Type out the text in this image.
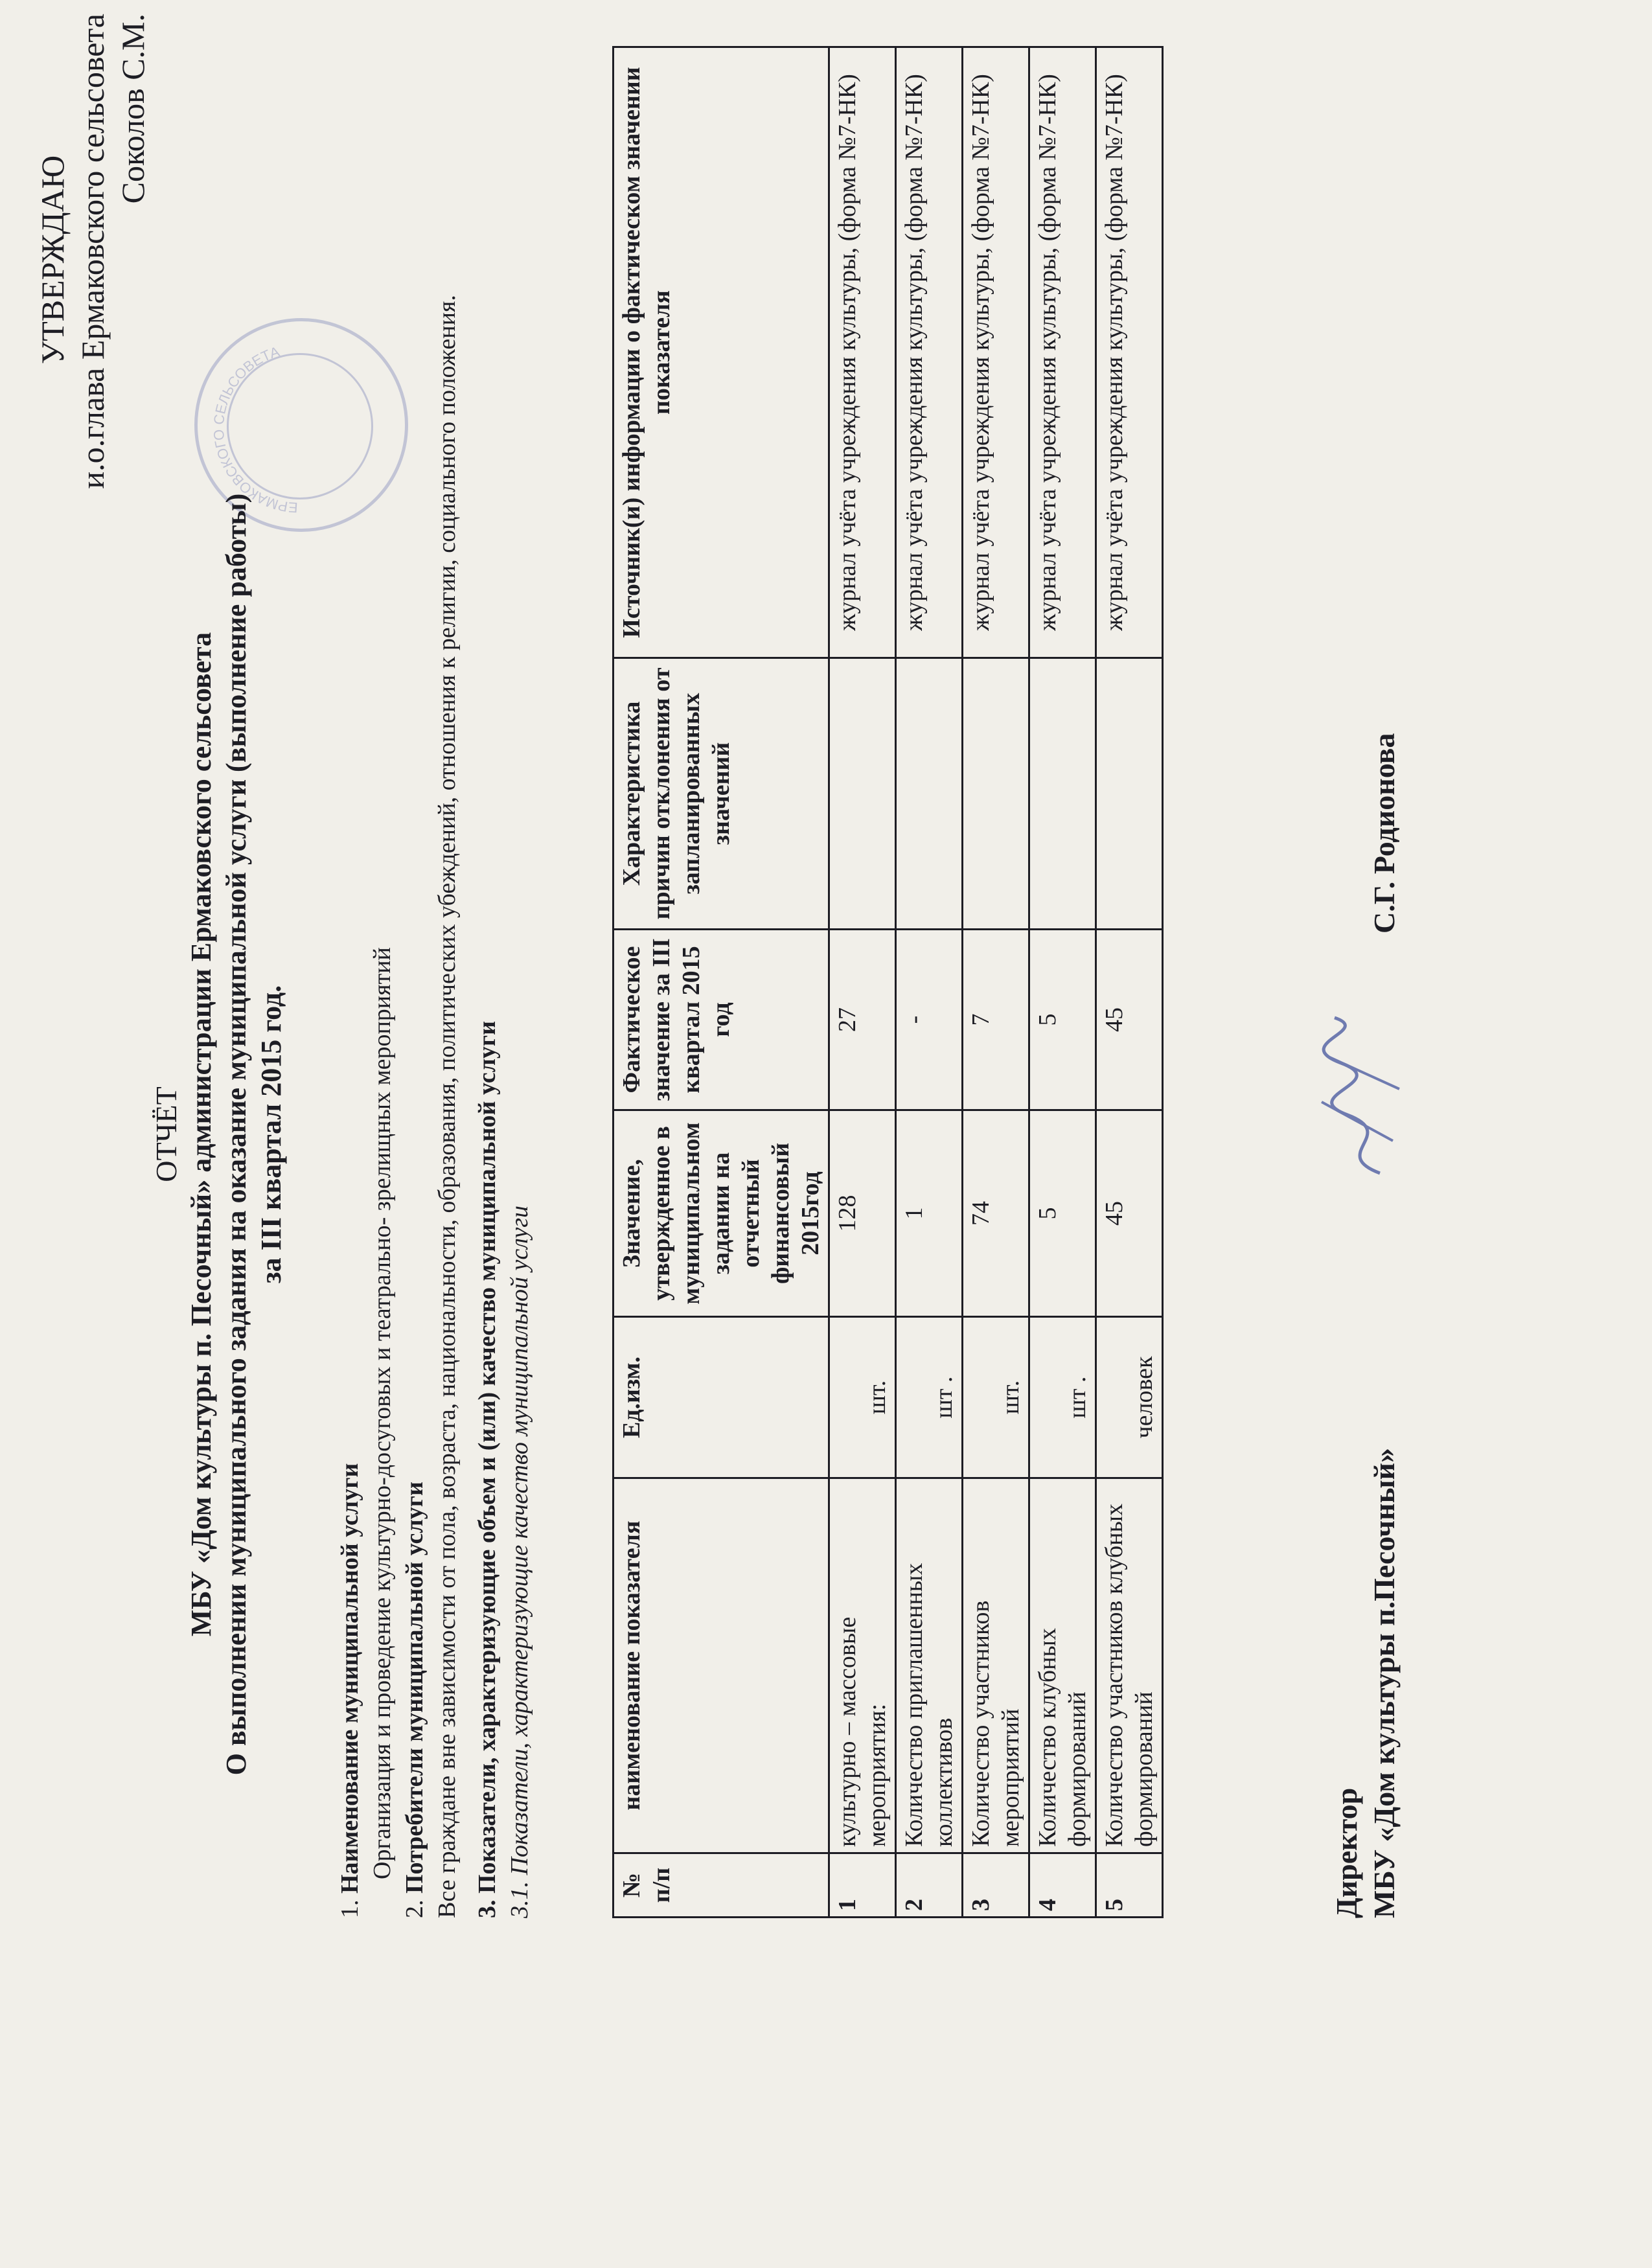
УТВЕРЖДАЮ и.о.глава Ермаковского сельсовета Соколов С.М.
ЕРМАКОВСКОГО СЕЛЬСОВЕТА
ОТЧЁТ МБУ «Дом культуры п. Песочный» администрации Ермаковского сельсовета О выполнении муниципального задания на оказание муниципальной услуги (выполнение работы) за III квартал 2015 год.
1. Наименование муниципальной услуги Организация и проведение культурно-досуговых и театрально- зрелищных мероприятий
2. Потребители муниципальной услуги Все граждане вне зависимости от пола, возраста, национальности, образования, политических убеждений, отношения к религии, социального положения. 3. Показатели, характеризующие объем и (или) качество муниципальной услуги 3.1. Показатели, характеризующие качество муниципальной услуги	№ п/п	наименование показателя	Ед.изм.	Значение, утвержденное в муниципальном задании на отчетный финансовый 2015год	Фактическое значение за III квартал 2015 год	Характеристика причин отклонения от запланированных значений	Источник(и) информации о фактическом значении показателя
1	культурно – массовые мероприятия:	шт.	128	27		журнал учёта учреждения культуры, (форма №7-НК)
2	Количество приглашенных коллективов	шт .	1	-		журнал учёта учреждения культуры, (форма №7-НК)
3	Количество участников мероприятий	шт.	74	7		журнал учёта учреждения культуры, (форма №7-НК)
4	Количество клубных формирований	шт .	5	5		журнал учёта учреждения культуры, (форма №7-НК)
5	Количество участников клубных формирований	человек	45	45		журнал учёта учреждения культуры, (форма №7-НК)
Директор МБУ «Дом культуры п.Песочный»
С.Г. Родионова
